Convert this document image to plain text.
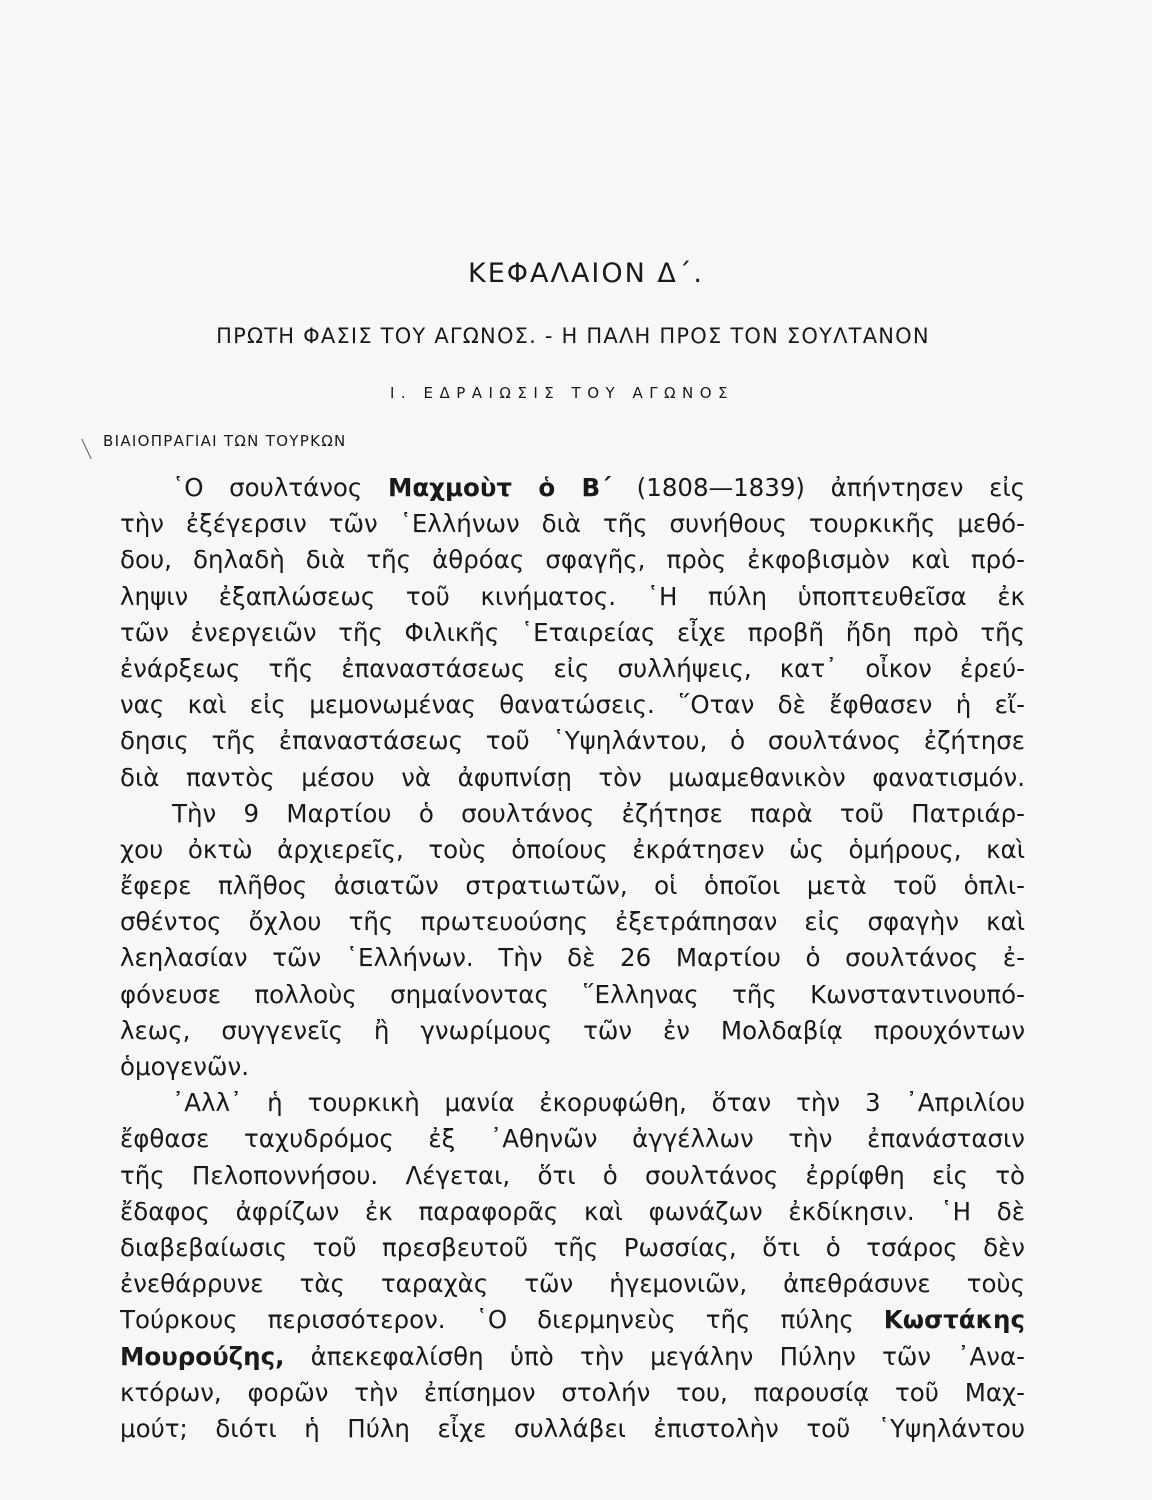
ΚΕΦΑΛΑΙΟΝ Δ΄.
ΠΡΩΤΗ ΦΑΣΙΣ ΤΟΥ ΑΓΩΝΟΣ. - Η ΠΑΛΗ ΠΡΟΣ ΤΟΝ ΣΟΥΛΤΑΝΟΝ
I. ΕΔΡΑΙΩΣΙΣ ΤΟΥ ΑΓΩΝΟΣ
ΒΙΑΙΟΠΡΑΓΙΑΙ ΤΩΝ ΤΟΥΡΚΩΝ
῾Ο σουλτάνος Μαχμοὺτ ὁ Β΄ (1808—1839) ἀπήντησεν εἰς
τὴν ἐξέγερσιν τῶν ῾Ελλήνων διὰ τῆς συνήθους τουρκικῆς μεθό-
δου, δηλαδὴ διὰ τῆς ἀθρόας σφαγῆς, πρὸς ἐκφοβισμὸν καὶ πρό-
ληψιν ἐξαπλώσεως τοῦ κινήματος. ῾Η πύλη ὑποπτευθεῖσα ἐκ
τῶν ἐνεργειῶν τῆς Φιλικῆς ῾Εταιρείας εἶχε προβῆ ἤδη πρὸ τῆς
ἐνάρξεως τῆς ἐπαναστάσεως εἰς συλλήψεις, κατ᾽ οἶκον ἐρεύ-
νας καὶ εἰς μεμονωμένας θανατώσεις. ῞Οταν δὲ ἔφθασεν ἡ εἴ-
δησις τῆς ἐπαναστάσεως τοῦ ῾Υψηλάντου, ὁ σουλτάνος ἐζήτησε
διὰ παντὸς μέσου νὰ ἀφυπνίσῃ τὸν μωαμεθανικὸν φανατισμόν.
Τὴν 9 Μαρτίου ὁ σουλτάνος ἐζήτησε παρὰ τοῦ Πατριάρ-
χου ὀκτὼ ἀρχιερεῖς, τοὺς ὁποίους ἐκράτησεν ὡς ὁμήρους, καὶ
ἔφερε πλῆθος ἀσιατῶν στρατιωτῶν, οἱ ὁποῖοι μετὰ τοῦ ὁπλι-
σθέντος ὄχλου τῆς πρωτευούσης ἐξετράπησαν εἰς σφαγὴν καὶ
λεηλασίαν τῶν ῾Ελλήνων. Τὴν δὲ 26 Μαρτίου ὁ σουλτάνος ἐ-
φόνευσε πολλοὺς σημαίνοντας ῞Ελληνας τῆς Κωνσταντινουπό-
λεως, συγγενεῖς ἢ γνωρίμους τῶν ἐν Μολδαβίᾳ προυχόντων
ὁμογενῶν.
᾽Αλλ᾽ ἡ τουρκικὴ μανία ἐκορυφώθη, ὅταν τὴν 3 ᾽Απριλίου
ἔφθασε ταχυδρόμος ἐξ ᾽Αθηνῶν ἀγγέλλων τὴν ἐπανάστασιν
τῆς Πελοποννήσου. Λέγεται, ὅτι ὁ σουλτάνος ἐρρίφθη εἰς τὸ
ἔδαφος ἀφρίζων ἐκ παραφορᾶς καὶ φωνάζων ἐκδίκησιν. ῾Η δὲ
διαβεβαίωσις τοῦ πρεσβευτοῦ τῆς Ρωσσίας, ὅτι ὁ τσάρος δὲν
ἐνεθάρρυνε τὰς ταραχὰς τῶν ἡγεμονιῶν, ἀπεθράσυνε τοὺς
Τούρκους περισσότερον. ῾Ο διερμηνεὺς τῆς πύλης Κωστάκης
Μουρούζης, ἀπεκεφαλίσθη ὑπὸ τὴν μεγάλην Πύλην τῶν ᾽Ανα-
κτόρων, φορῶν τὴν ἐπίσημον στολήν του, παρουσίᾳ τοῦ Μαχ-
μούτ; διότι ἡ Πύλη εἶχε συλλάβει ἐπιστολὴν τοῦ ῾Υψηλάντου
